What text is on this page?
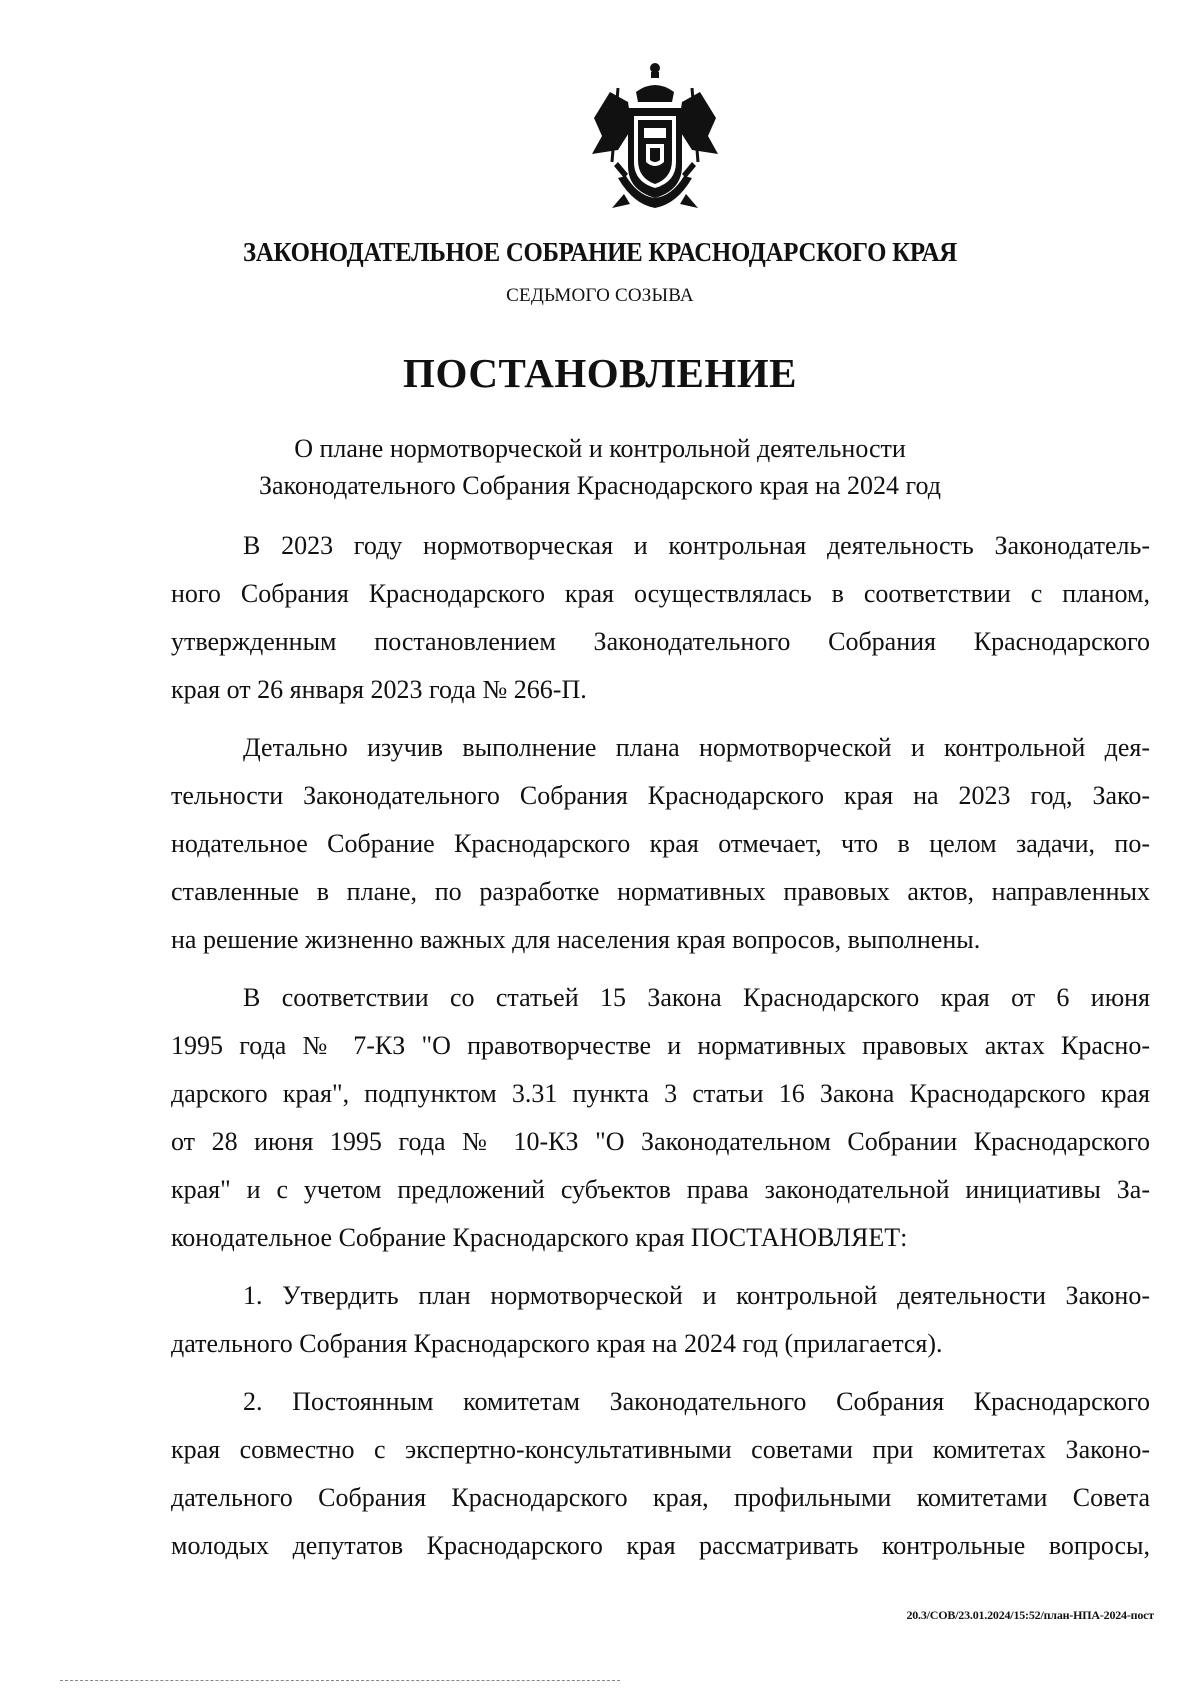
ЗАКОНОДАТЕЛЬНОЕ СОБРАНИЕ КРАСНОДАРСКОГО КРАЯ
СЕДЬМОГО СОЗЫВА
ПОСТАНОВЛЕНИЕ
О плане нормотворческой и контрольной деятельности
Законодательного Собрания Краснодарского края на 2024 год
В 2023 году нормотворческая и контрольная деятельность Законодатель-
ного Собрания Краснодарского края осуществлялась в соответствии с планом,
утвержденным постановлением Законодательного Собрания Краснодарского
края от 26 января 2023 года № 266-П.
Детально изучив выполнение плана нормотворческой и контрольной дея-
тельности Законодательного Собрания Краснодарского края на 2023 год, Зако-
нодательное Собрание Краснодарского края отмечает, что в целом задачи, по-
ставленные в плане, по разработке нормативных правовых актов, направленных
на решение жизненно важных для населения края вопросов, выполнены.
В соответствии со статьей 15 Закона Краснодарского края от 6 июня
1995 года № 7-КЗ "О правотворчестве и нормативных правовых актах Красно-
дарского края", подпунктом 3.31 пункта 3 статьи 16 Закона Краснодарского края
от 28 июня 1995 года № 10-КЗ "О Законодательном Собрании Краснодарского
края" и с учетом предложений субъектов права законодательной инициативы За-
конодательное Собрание Краснодарского края ПОСТАНОВЛЯЕТ:
1. Утвердить план нормотворческой и контрольной деятельности Законо-
дательного Собрания Краснодарского края на 2024 год (прилагается).
2. Постоянным комитетам Законодательного Собрания Краснодарского
края совместно с экспертно-консультативными советами при комитетах Законо-
дательного Собрания Краснодарского края, профильными комитетами Совета
молодых депутатов Краснодарского края рассматривать контрольные вопросы,
20.3/СОВ/23.01.2024/15:52/план-НПА-2024-пост
